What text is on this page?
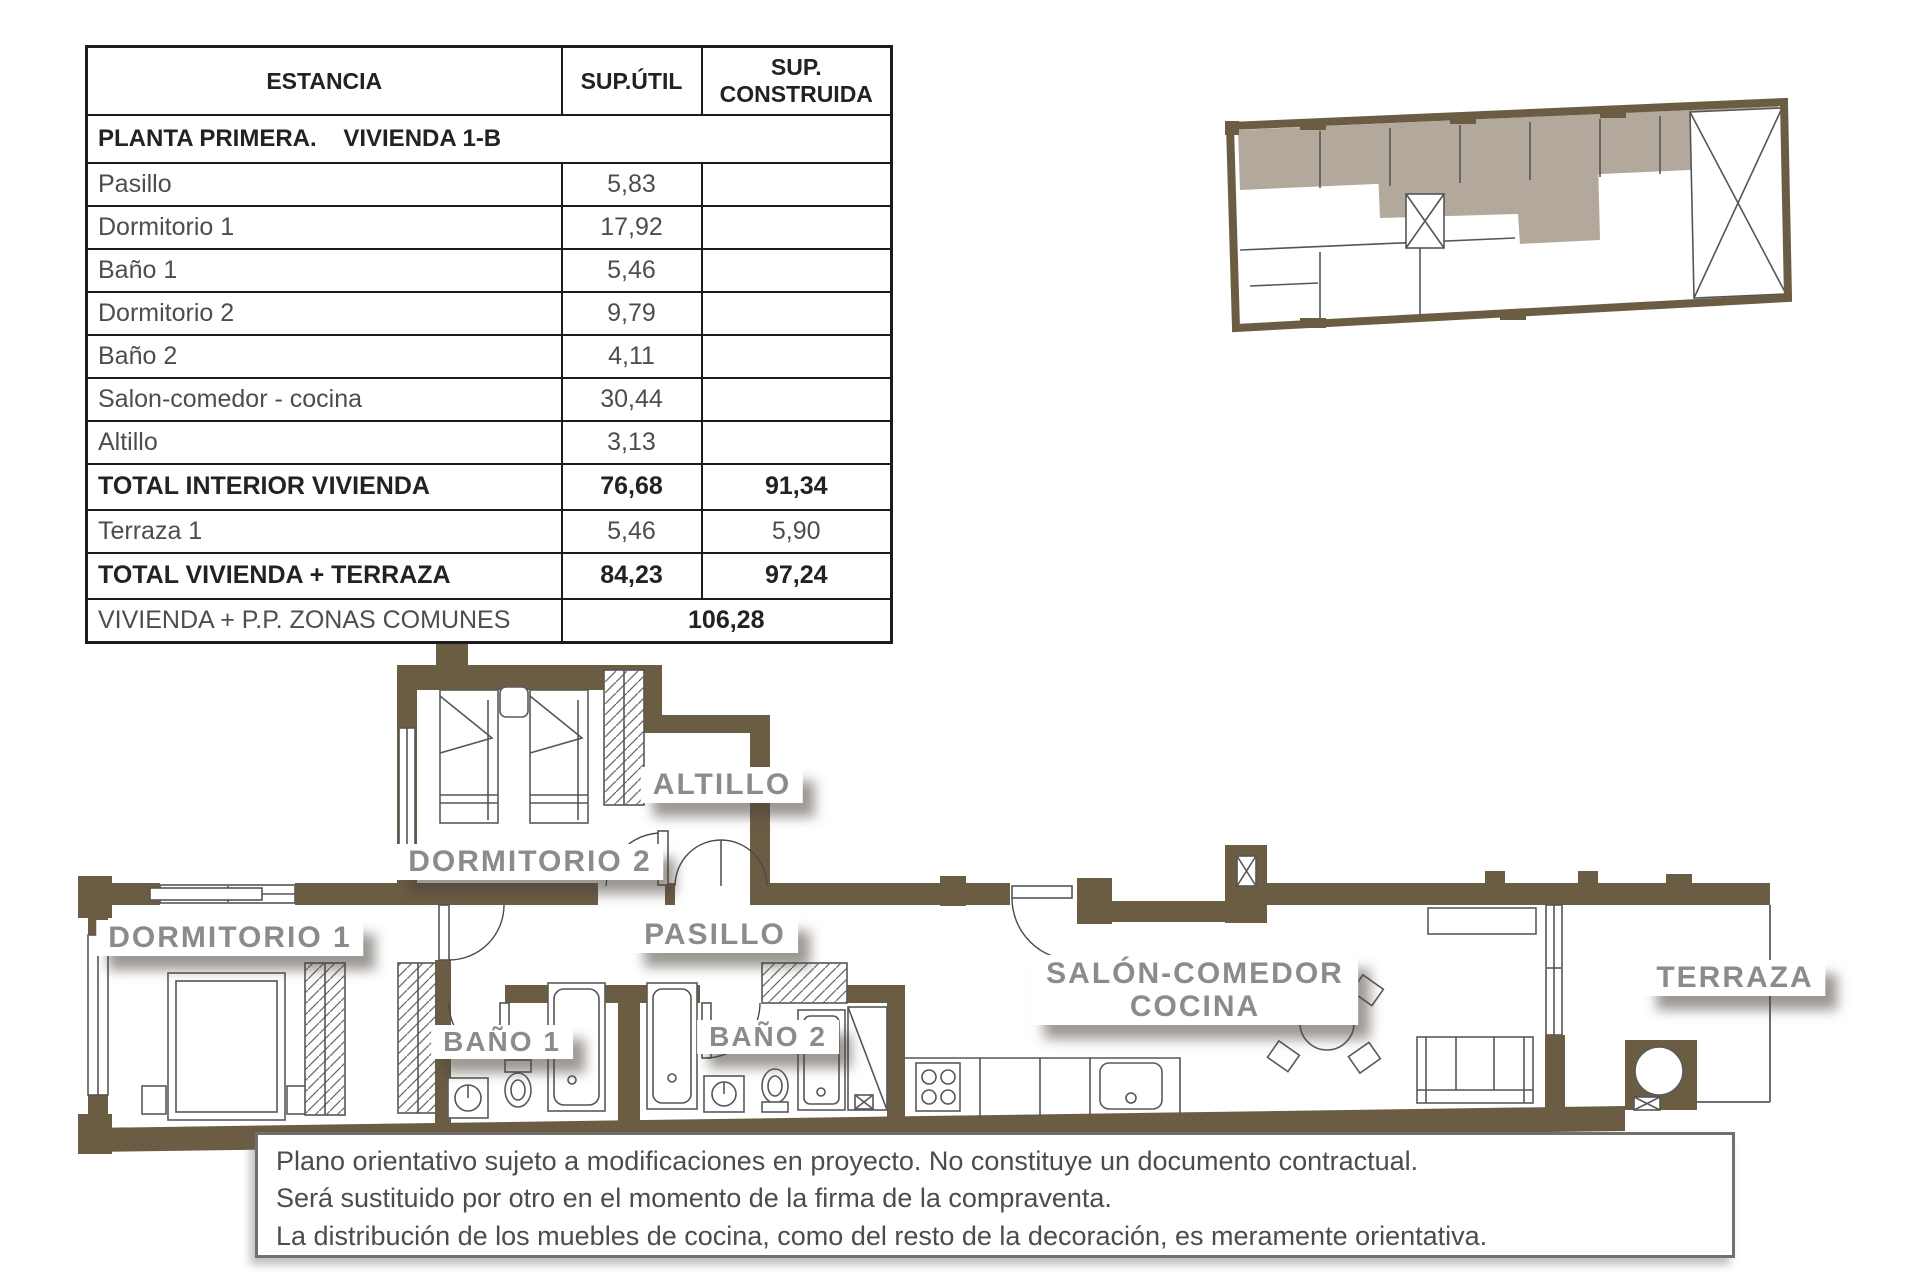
ESTANCIA	SUP.ÚTIL	SUP. CONSTRUIDA
PLANTA PRIMERA.    VIVIENDA 1-B		
Pasillo	5,83	
Dormitorio 1	17,92	
Baño 1	5,46	
Dormitorio 2	9,79	
Baño 2	4,11	
Salon-comedor - cocina	30,44	
Altillo	3,13	
TOTAL INTERIOR VIVIENDA	76,68	91,34
Terraza 1	5,46	5,90
TOTAL VIVIENDA + TERRAZA	84,23	97,24
VIVIENDA + P.P. ZONAS COMUNES	106,28	
DORMITORIO 2
ALTILLO
DORMITORIO 1	PASILLO
BAÑO 1	BAÑO 2
SALÓN-COMEDOR
COCINA
TERRAZA
Plano orientativo sujeto a modificaciones en proyecto. No constituye un documento contractual.
Será sustituido por otro en el momento de la firma de la compraventa.
La distribución de los muebles de cocina, como del resto de la decoración, es meramente orientativa.
